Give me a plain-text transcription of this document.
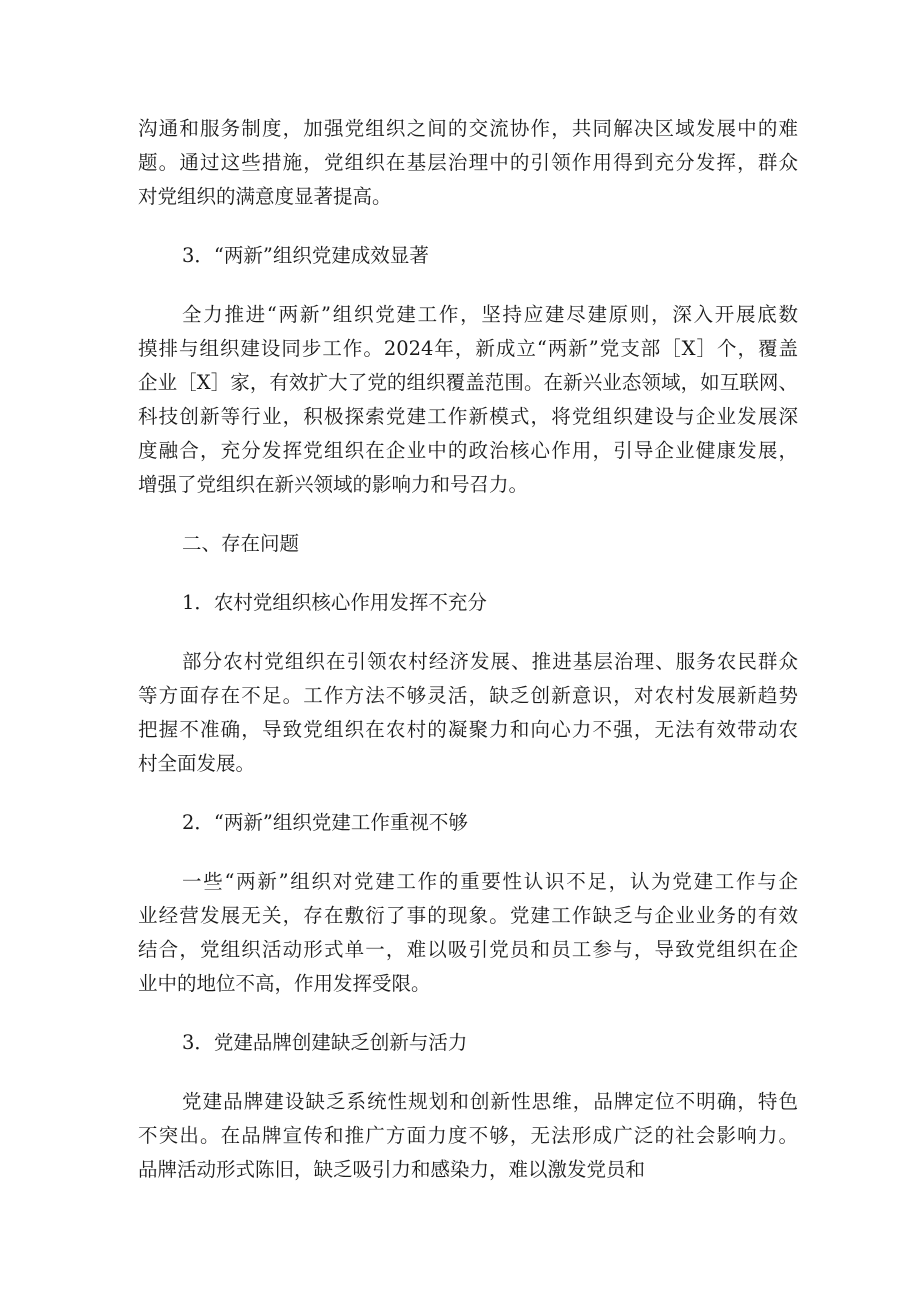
沟通和服务制度，加强党组织之间的交流协作，共同解决区域发展中的难
题。通过这些措施，党组织在基层治理中的引领作用得到充分发挥，群众
对党组织的满意度显著提高。

3．“两新”组织党建成效显著

全力推进“两新”组织党建工作，坚持应建尽建原则，深入开展底数
摸排与组织建设同步工作。2024年，新成立“两新”党支部［X］个，覆盖
企业［X］家，有效扩大了党的组织覆盖范围。在新兴业态领域，如互联网、
科技创新等行业，积极探索党建工作新模式，将党组织建设与企业发展深
度融合，充分发挥党组织在企业中的政治核心作用，引导企业健康发展，
增强了党组织在新兴领域的影响力和号召力。

二、存在问题
1．农村党组织核心作用发挥不充分

部分农村党组织在引领农村经济发展、推进基层治理、服务农民群众
等方面存在不足。工作方法不够灵活，缺乏创新意识，对农村发展新趋势
把握不准确，导致党组织在农村的凝聚力和向心力不强，无法有效带动农
村全面发展。

2．“两新”组织党建工作重视不够

一些“两新”组织对党建工作的重要性认识不足，认为党建工作与企
业经营发展无关，存在敷衍了事的现象。党建工作缺乏与企业业务的有效
结合，党组织活动形式单一，难以吸引党员和员工参与，导致党组织在企
业中的地位不高，作用发挥受限。

3．党建品牌创建缺乏创新与活力

党建品牌建设缺乏系统性规划和创新性思维，品牌定位不明确，特色
不突出。在品牌宣传和推广方面力度不够，无法形成广泛的社会影响力。
品牌活动形式陈旧，缺乏吸引力和感染力，难以激发党员和
